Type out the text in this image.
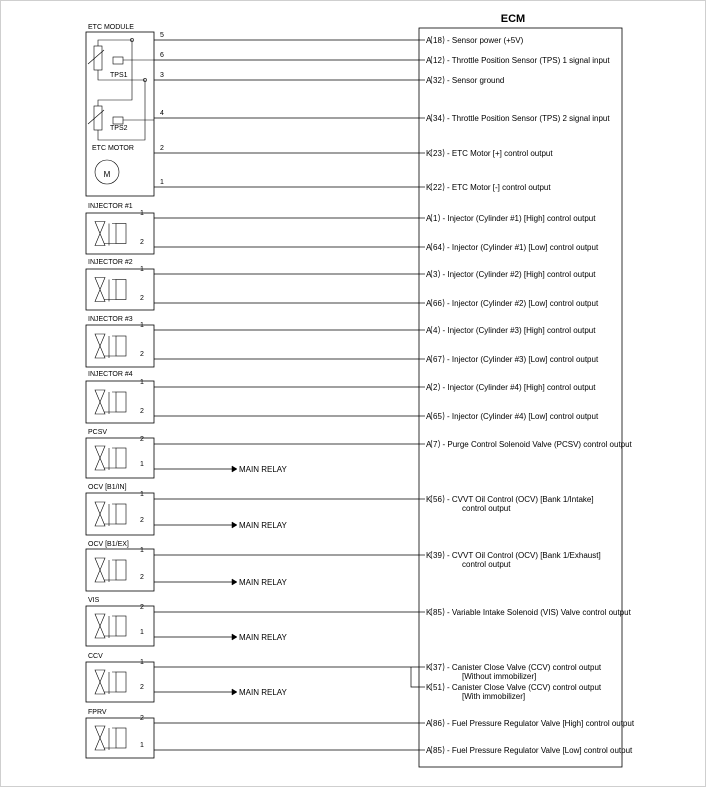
ECM
ETC MODULE
TPS1
TPS2
ETC MOTOR
M
5
A 18 - Sensor power (+5V)
6
A 12 - Throttle Position Sensor (TPS) 1 signal input
3
A 32 - Sensor ground
4
A 34 - Throttle Position Sensor (TPS) 2 signal input
2
K 23 - ETC Motor [+] control output
1
K 22 - ETC Motor [-] control output
INJECTOR #1
1
2
A 1 - Injector (Cylinder #1) [High] control output
A 64 - Injector (Cylinder #1) [Low] control output
INJECTOR #2
1
2
A 3 - Injector (Cylinder #2) [High] control output
A 66 - Injector (Cylinder #2) [Low] control output
INJECTOR #3
1
2
A 4 - Injector (Cylinder #3) [High] control output
A 67 - Injector (Cylinder #3) [Low] control output
INJECTOR #4
1
2
A 2 - Injector (Cylinder #4) [High] control output
A 65 - Injector (Cylinder #4) [Low] control output
PCSV
2
1
MAIN RELAY
A 7 - Purge Control Solenoid Valve (PCSV) control output
OCV [B1/IN]
1
2
MAIN RELAY
K 56 - CVVT Oil Control (OCV) [Bank 1/Intake]
control output
OCV [B1/EX]
1
2
MAIN RELAY
K 39 - CVVT Oil Control (OCV) [Bank 1/Exhaust]
control output
VIS
2
1
MAIN RELAY
K 85 - Variable Intake Solenoid (VIS) Valve control output
CCV
1
2
MAIN RELAY
K 37 - Canister Close Valve (CCV) control output
[Without immobilizer]
K 51 - Canister Close Valve (CCV) control output
[With immobilizer]
FPRV
2
1
A 86 - Fuel Pressure Regulator Valve [High] control output
A 85 - Fuel Pressure Regulator Valve [Low] control output
